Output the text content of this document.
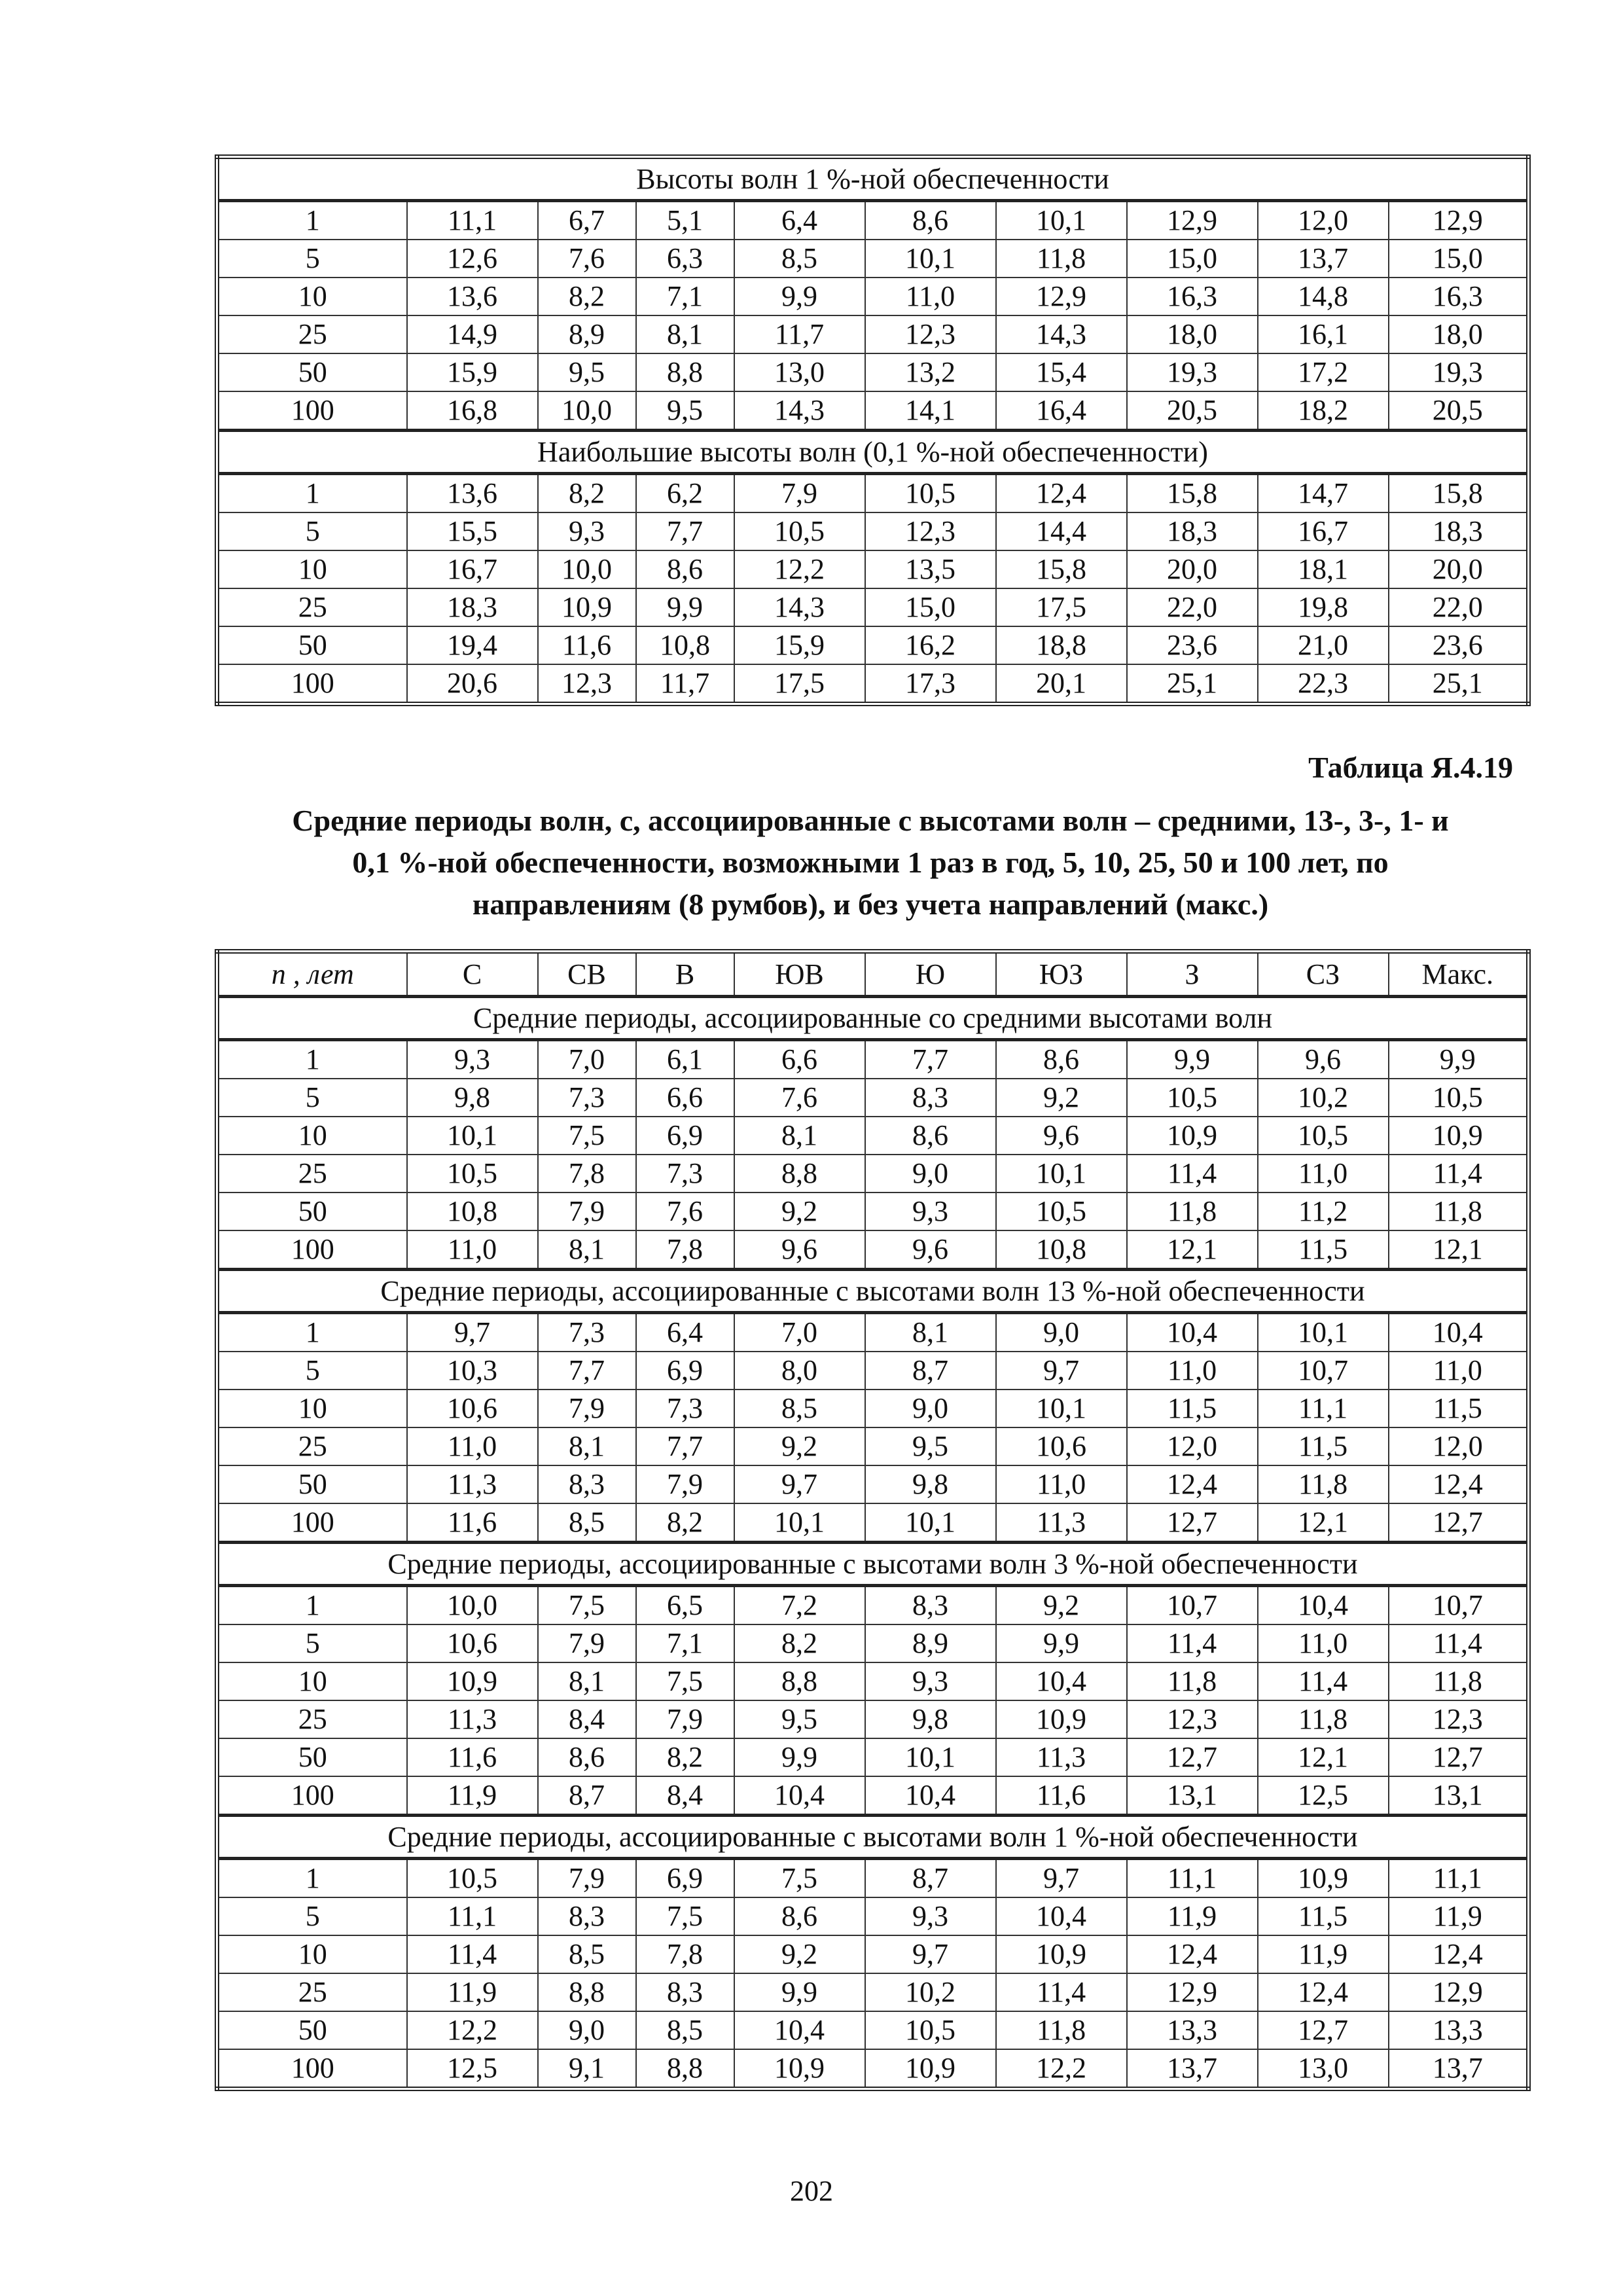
Высоты волн 1 %-ной обеспеченности									
1	11,1	6,7	5,1	6,4	8,6	10,1	12,9	12,0	12,9
5	12,6	7,6	6,3	8,5	10,1	11,8	15,0	13,7	15,0
10	13,6	8,2	7,1	9,9	11,0	12,9	16,3	14,8	16,3
25	14,9	8,9	8,1	11,7	12,3	14,3	18,0	16,1	18,0
50	15,9	9,5	8,8	13,0	13,2	15,4	19,3	17,2	19,3
100	16,8	10,0	9,5	14,3	14,1	16,4	20,5	18,2	20,5
Наибольшие высоты волн (0,1 %-ной обеспеченности)									
1	13,6	8,2	6,2	7,9	10,5	12,4	15,8	14,7	15,8
5	15,5	9,3	7,7	10,5	12,3	14,4	18,3	16,7	18,3
10	16,7	10,0	8,6	12,2	13,5	15,8	20,0	18,1	20,0
25	18,3	10,9	9,9	14,3	15,0	17,5	22,0	19,8	22,0
50	19,4	11,6	10,8	15,9	16,2	18,8	23,6	21,0	23,6
100	20,6	12,3	11,7	17,5	17,3	20,1	25,1	22,3	25,1
Таблица Я.4.19
Средние периоды волн, с, ассоциированные с высотами волн – средними, 13-, 3-, 1- и
0,1 %-ной обеспеченности, возможными 1 раз в год, 5, 10, 25, 50 и 100 лет, по
направлениям (8 румбов), и без учета направлений (макс.)
n , лет	С	СВ	В	ЮВ	Ю	ЮЗ	З	СЗ	Макс.
Средние периоды, ассоциированные со средними высотами волн									
1	9,3	7,0	6,1	6,6	7,7	8,6	9,9	9,6	9,9
5	9,8	7,3	6,6	7,6	8,3	9,2	10,5	10,2	10,5
10	10,1	7,5	6,9	8,1	8,6	9,6	10,9	10,5	10,9
25	10,5	7,8	7,3	8,8	9,0	10,1	11,4	11,0	11,4
50	10,8	7,9	7,6	9,2	9,3	10,5	11,8	11,2	11,8
100	11,0	8,1	7,8	9,6	9,6	10,8	12,1	11,5	12,1
Средние периоды, ассоциированные с высотами волн 13 %-ной обеспеченности									
1	9,7	7,3	6,4	7,0	8,1	9,0	10,4	10,1	10,4
5	10,3	7,7	6,9	8,0	8,7	9,7	11,0	10,7	11,0
10	10,6	7,9	7,3	8,5	9,0	10,1	11,5	11,1	11,5
25	11,0	8,1	7,7	9,2	9,5	10,6	12,0	11,5	12,0
50	11,3	8,3	7,9	9,7	9,8	11,0	12,4	11,8	12,4
100	11,6	8,5	8,2	10,1	10,1	11,3	12,7	12,1	12,7
Средние периоды, ассоциированные с высотами волн 3 %-ной обеспеченности									
1	10,0	7,5	6,5	7,2	8,3	9,2	10,7	10,4	10,7
5	10,6	7,9	7,1	8,2	8,9	9,9	11,4	11,0	11,4
10	10,9	8,1	7,5	8,8	9,3	10,4	11,8	11,4	11,8
25	11,3	8,4	7,9	9,5	9,8	10,9	12,3	11,8	12,3
50	11,6	8,6	8,2	9,9	10,1	11,3	12,7	12,1	12,7
100	11,9	8,7	8,4	10,4	10,4	11,6	13,1	12,5	13,1
Средние периоды, ассоциированные с высотами волн 1 %-ной обеспеченности									
1	10,5	7,9	6,9	7,5	8,7	9,7	11,1	10,9	11,1
5	11,1	8,3	7,5	8,6	9,3	10,4	11,9	11,5	11,9
10	11,4	8,5	7,8	9,2	9,7	10,9	12,4	11,9	12,4
25	11,9	8,8	8,3	9,9	10,2	11,4	12,9	12,4	12,9
50	12,2	9,0	8,5	10,4	10,5	11,8	13,3	12,7	13,3
100	12,5	9,1	8,8	10,9	10,9	12,2	13,7	13,0	13,7
202
